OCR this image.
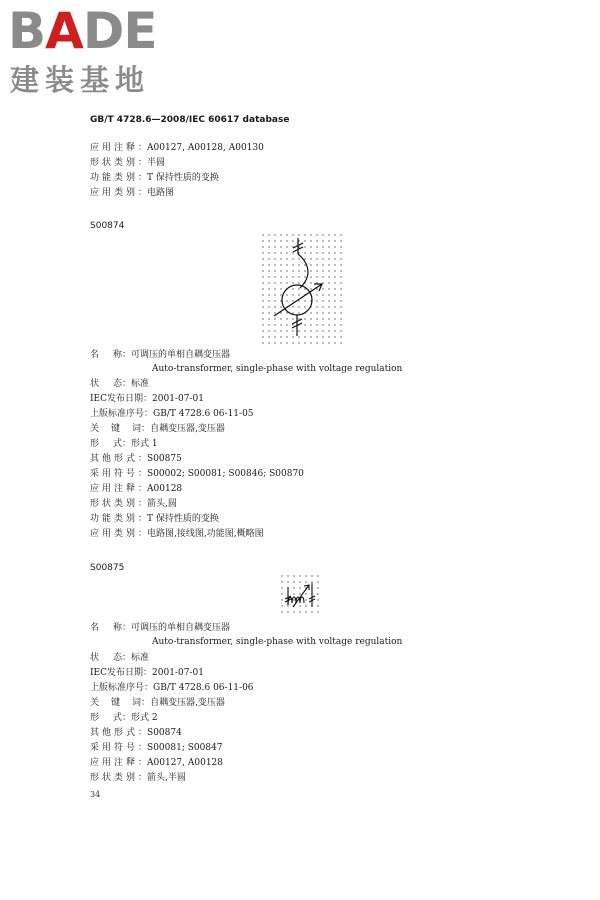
BADE
建装基地
GB/T 4728.6—2008/IEC 60617 database
应用注释：A00127, A00128, A00130
形状类别：半圆
功能类别：T 保持性质的变换
应用类别：电路图
S00874
名称：可调压的单相自耦变压器
Auto-transformer, single-phase with voltage regulation
状态：标准
IEC发布日期：2001-07-01
上版标准序号：GB/T 4728.6 06-11-05
关键词：自耦变压器,变压器
形式：形式 1
其他形式：S00875
采用符号：S00002; S00081; S00846; S00870
应用注释：A00128
形状类别：箭头,圆
功能类别：T 保持性质的变换
应用类别：电路图,接线图,功能图,概略图
S00875
名称：可调压的单相自耦变压器
Auto-transformer, single-phase with voltage regulation
状态：标准
IEC发布日期：2001-07-01
上版标准序号：GB/T 4728.6 06-11-06
关键词：自耦变压器,变压器
形式：形式 2
其他形式：S00874
采用符号：S00081; S00847
应用注释：A00127, A00128
形状类别：箭头,半圆
34
